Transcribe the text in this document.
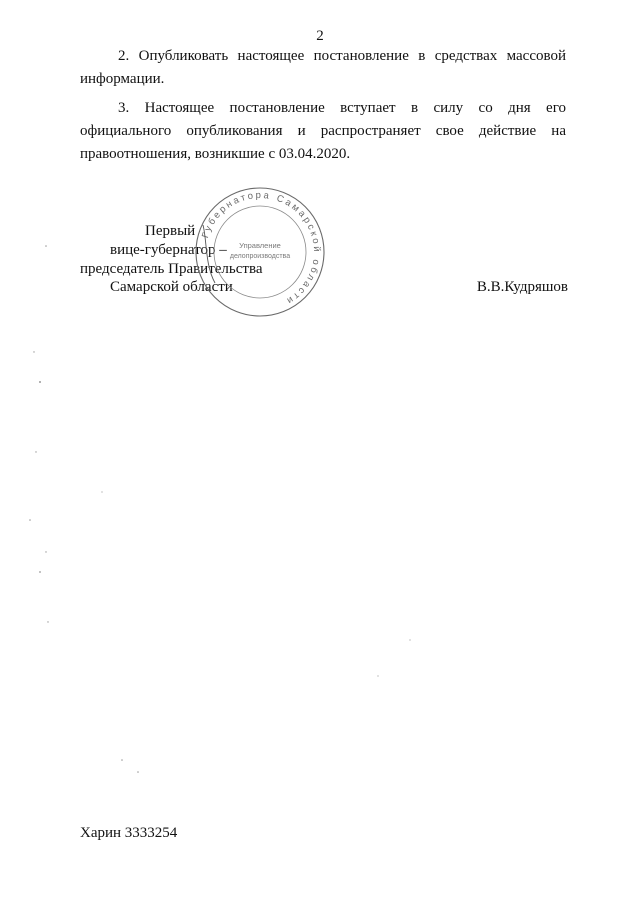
2

2. Опубликовать настоящее постановление в средствах массовой информации.

3. Настоящее постановление вступает в силу со дня его официального опубликования и распространяет свое действие на правоотношения, возникшие с 03.04.2020.

Первый
вице-губернатор –
председатель Правительства
Самарской области	В.В.Кудряшов
Губернатора Самарской области
Управление
делопроизводства
Харин 3333254
